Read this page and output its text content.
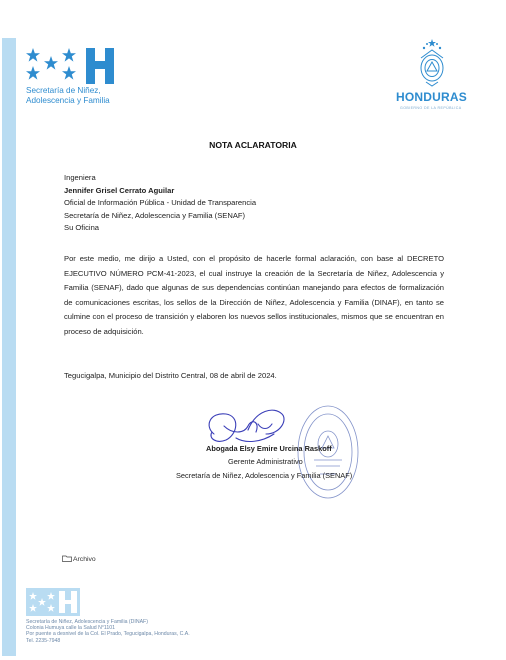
Secretaría de Niñez,
Adolescencia y Familia	HONDURAS
GOBIERNO DE LA REPÚBLICA
NOTA ACLARATORIA
Ingeniera
Jennifer Grisel Cerrato Aguilar
Oficial de Información Pública - Unidad de Transparencia
Secretaría de Niñez, Adolescencia y Familia (SENAF)
Su Oficina
Por este medio, me dirijo a Usted, con el propósito de hacerle formal aclaración, con base al DECRETO EJECUTIVO NÚMERO PCM-41-2023, el cual instruye la creación de la Secretaría de Niñez, Adolescencia y Familia (SENAF), dado que algunas de sus dependencias continúan manejando para efectos de formalización de comunicaciones escritas, los sellos de la Dirección de Niñez, Adolescencia y Familia (DINAF), en tanto se culmine con el proceso de transición y elaboren los nuevos sellos institucionales, mismos que se encuentran en proceso de adquisición.
Tegucigalpa, Municipio del Distrito Central, 08 de abril de 2024.
Abogada Elsy Emire Urcina Raskoff
Gerente Administrativo
Secretaría de Niñez, Adolescencia y Familia (SENAF)
Archivo
Secretaría de Niñez, Adolescencia y Familia (DINAF)
Colonia Humuya calle la Salud N°1101
Por puente a desnivel de la Col. El Prado, Tegucigalpa, Honduras, C.A.
Tel. 2235-7948
